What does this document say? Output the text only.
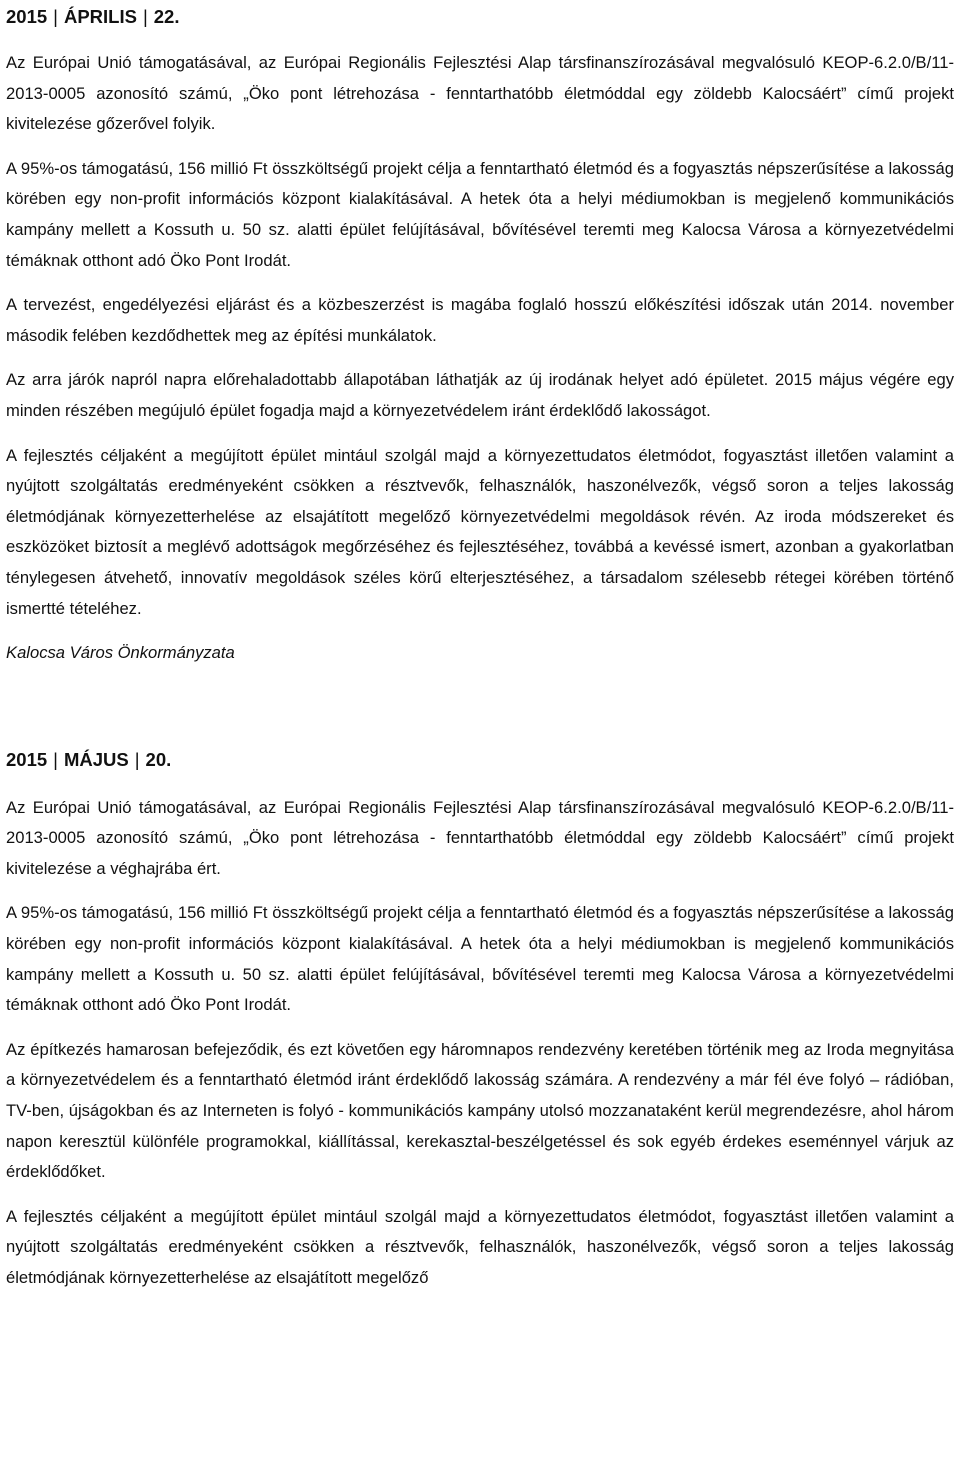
2015 | ÁPRILIS | 22.

Az Európai Unió támogatásával, az Európai Regionális Fejlesztési Alap társfinanszírozásával megvalósuló KEOP-6.2.0/B/11-2013-0005 azonosító számú, „Öko pont létrehozása - fenntarthatóbb életmóddal egy zöldebb Kalocsáért” című projekt kivitelezése gőzerővel folyik.

A 95%-os támogatású, 156 millió Ft összköltségű projekt célja a fenntartható életmód és a fogyasztás népszerűsítése a lakosság körében egy non-profit információs központ kialakításával. A hetek óta a helyi médiumokban is megjelenő kommunikációs kampány mellett a Kossuth u. 50 sz. alatti épület felújításával, bővítésével teremti meg Kalocsa Városa a környezetvédelmi témáknak otthont adó Öko Pont Irodát.

A tervezést, engedélyezési eljárást és a közbeszerzést is magába foglaló hosszú előkészítési időszak után 2014. november második felében kezdődhettek meg az építési munkálatok.

Az arra járók napról napra előrehaladottabb állapotában láthatják az új irodának helyet adó épületet. 2015 május végére egy minden részében megújuló épület fogadja majd a környezetvédelem iránt érdeklődő lakosságot.

A fejlesztés céljaként a megújított épület mintául szolgál majd a környezettudatos életmódot, fogyasztást illetően valamint a nyújtott szolgáltatás eredményeként csökken a résztvevők, felhasználók, haszonélvezők, végső soron a teljes lakosság életmódjának környezetterhelése az elsajátított megelőző környezetvédelmi megoldások révén. Az iroda módszereket és eszközöket biztosít a meglévő adottságok megőrzéséhez és fejlesztéséhez, továbbá a kevéssé ismert, azonban a gyakorlatban ténylegesen átvehető, innovatív megoldások széles körű elterjesztéséhez, a társadalom szélesebb rétegei körében történő ismertté tételéhez.

Kalocsa Város Önkormányzata

2015 | MÁJUS | 20.

Az Európai Unió támogatásával, az Európai Regionális Fejlesztési Alap társfinanszírozásával megvalósuló KEOP-6.2.0/B/11-2013-0005 azonosító számú, „Öko pont létrehozása - fenntarthatóbb életmóddal egy zöldebb Kalocsáért” című projekt kivitelezése a véghajrába ért.

A 95%-os támogatású, 156 millió Ft összköltségű projekt célja a fenntartható életmód és a fogyasztás népszerűsítése a lakosság körében egy non-profit információs központ kialakításával. A hetek óta a helyi médiumokban is megjelenő kommunikációs kampány mellett a Kossuth u. 50 sz. alatti épület felújításával, bővítésével teremti meg Kalocsa Városa a környezetvédelmi témáknak otthont adó Öko Pont Irodát.

Az építkezés hamarosan befejeződik, és ezt követően egy háromnapos rendezvény keretében történik meg az Iroda megnyitása a környezetvédelem és a fenntartható életmód iránt érdeklődő lakosság számára. A rendezvény a már fél éve folyó – rádióban, TV-ben, újságokban és az Interneten is folyó - kommunikációs kampány utolsó mozzanataként kerül megrendezésre, ahol három napon keresztül különféle programokkal, kiállítással, kerekasztal-beszélgetéssel és sok egyéb érdekes eseménnyel várjuk az érdeklődőket.

A fejlesztés céljaként a megújított épület mintául szolgál majd a környezettudatos életmódot, fogyasztást illetően valamint a nyújtott szolgáltatás eredményeként csökken a résztvevők, felhasználók, haszonélvezők, végső soron a teljes lakosság életmódjának környezetterhelése az elsajátított megelőző
